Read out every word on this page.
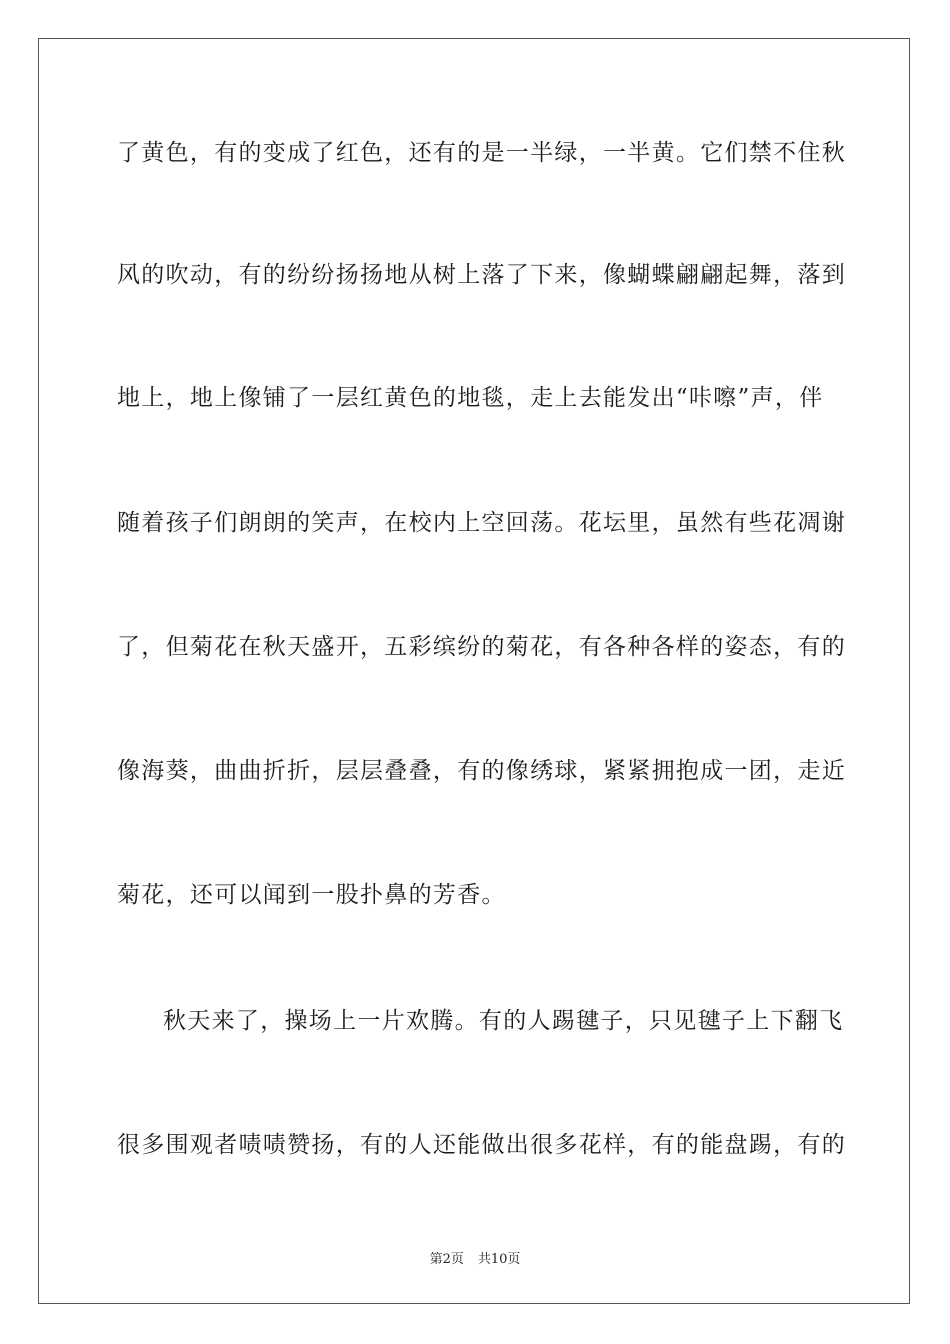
了黄色，有的变成了红色，还有的是一半绿，一半黄。它们禁不住秋
风的吹动，有的纷纷扬扬地从树上落了下来，像蝴蝶翩翩起舞，落到
地上，地上像铺了一层红黄色的地毯，走上去能发出“咔嚓”声，伴
随着孩子们朗朗的笑声，在校内上空回荡。花坛里，虽然有些花凋谢
了，但菊花在秋天盛开，五彩缤纷的菊花，有各种各样的姿态，有的
像海葵，曲曲折折，层层叠叠，有的像绣球，紧紧拥抱成一团，走近
菊花，还可以闻到一股扑鼻的芳香。
秋天来了，操场上一片欢腾。有的人踢毽子，只见毽子上下翻飞
很多围观者啧啧赞扬，有的人还能做出很多花样，有的能盘踢，有的
第2页 共10页
